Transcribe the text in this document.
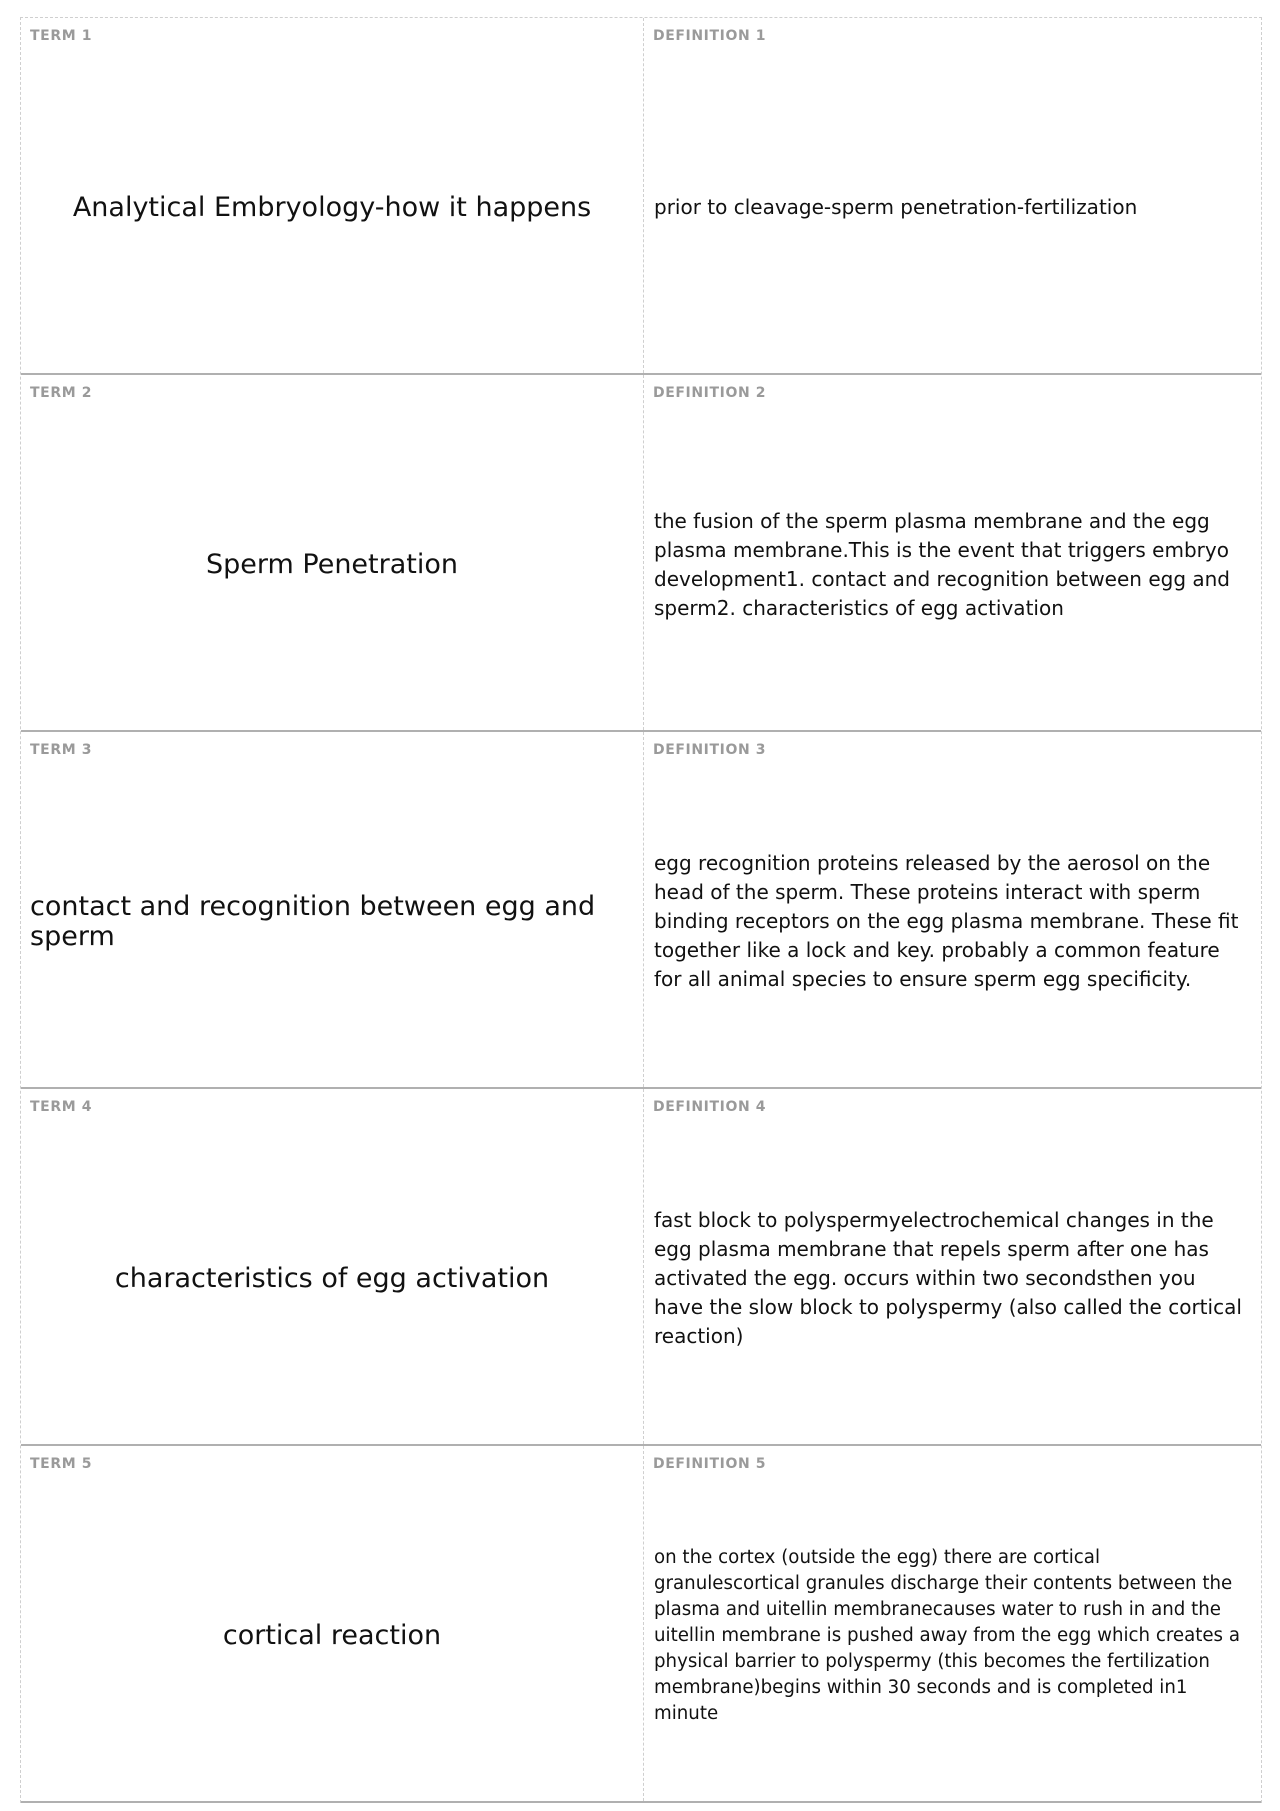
TERM 1
Analytical Embryology-how it happens
DEFINITION 1
prior to cleavage-sperm penetration-fertilization
TERM 2
Sperm Penetration
DEFINITION 2
the fusion of the sperm plasma membrane and the egg plasma membrane.This is the event that triggers embryo development1. contact and recognition between egg and sperm2. characteristics of egg activation
TERM 3
contact and recognition between egg and sperm
DEFINITION 3
egg recognition proteins released by the aerosol on the head of the sperm. These proteins interact with sperm binding receptors on the egg plasma membrane. These fit together like a lock and key. probably a common feature for all animal species to ensure sperm egg specificity.
TERM 4
characteristics of egg activation
DEFINITION 4
fast block to polyspermyelectrochemical changes in the egg plasma membrane that repels sperm after one has activated the egg. occurs within two secondsthen you have the slow block to polyspermy (also called the cortical reaction)
TERM 5
cortical reaction
DEFINITION 5
on the cortex (outside the egg) there are cortical granulescortical granules discharge their contents between the plasma and uitellin membranecauses water to rush in and the uitellin membrane is pushed away from the egg which creates a physical barrier to polyspermy (this becomes the fertilization membrane)begins within 30 seconds and is completed in1 minute
